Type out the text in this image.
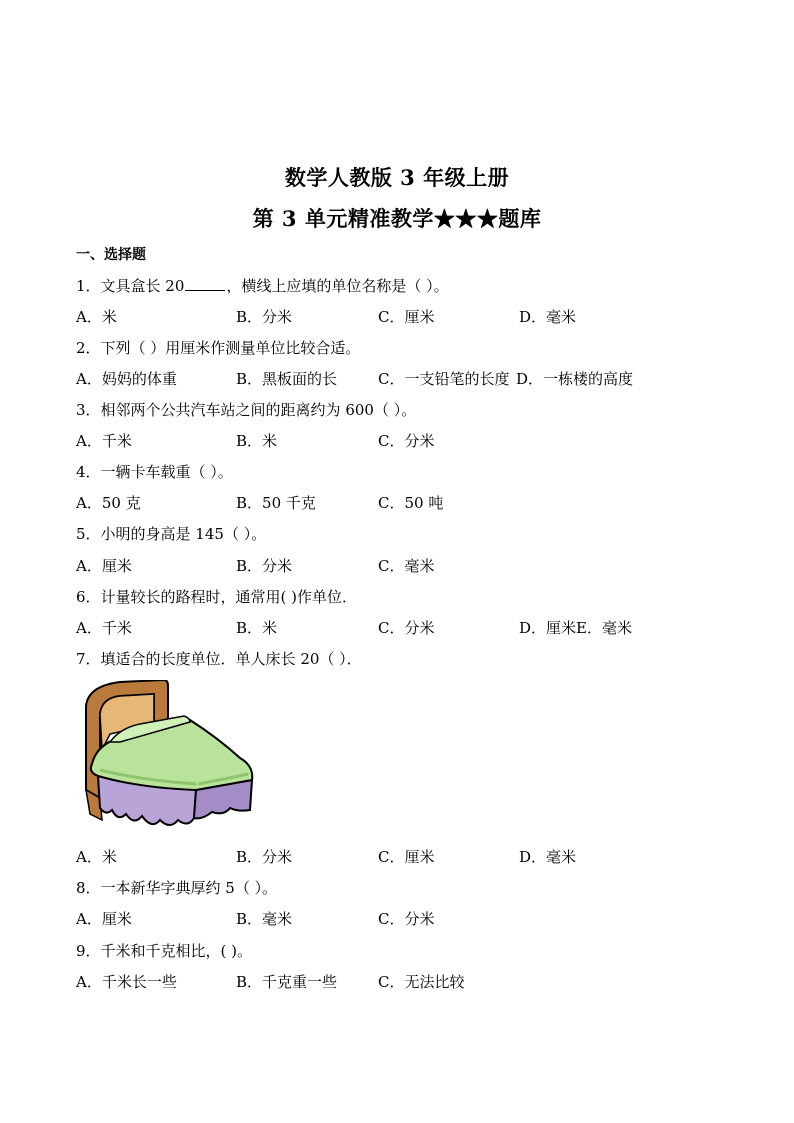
数学人教版 3 年级上册
第 3 单元精准教学★★★题库
一、选择题
1．文具盒长 20	，横线上应填的单位名称是（ ）。
A．米	B．分米	C．厘米	D．毫米
2．下列（ ）用厘米作测量单位比较合适。
A．妈妈的体重	B．黑板面的长	C．一支铅笔的长度 D．一栋楼的高度
3．相邻两个公共汽车站之间的距离约为 600（ ）。
A．千米	B．米	C．分米
4．一辆卡车载重（ ）。
A．50 克	B．50 千克	C．50 吨
5．小明的身高是 145（ ）。
A．厘米	B．分米	C．毫米
6．计量较长的路程时，通常用( )作单位．
A．千米	B．米	C．分米	D．厘米E．毫米
7．填适合的长度单位．单人床长 20（ ）．
A．米	B．分米	C．厘米	D．毫米
8．一本新华字典厚约 5（ ）。
A．厘米	B．毫米	C．分米
9．千米和千克相比，( )。
A．千米长一些	B．千克重一些	C．无法比较
